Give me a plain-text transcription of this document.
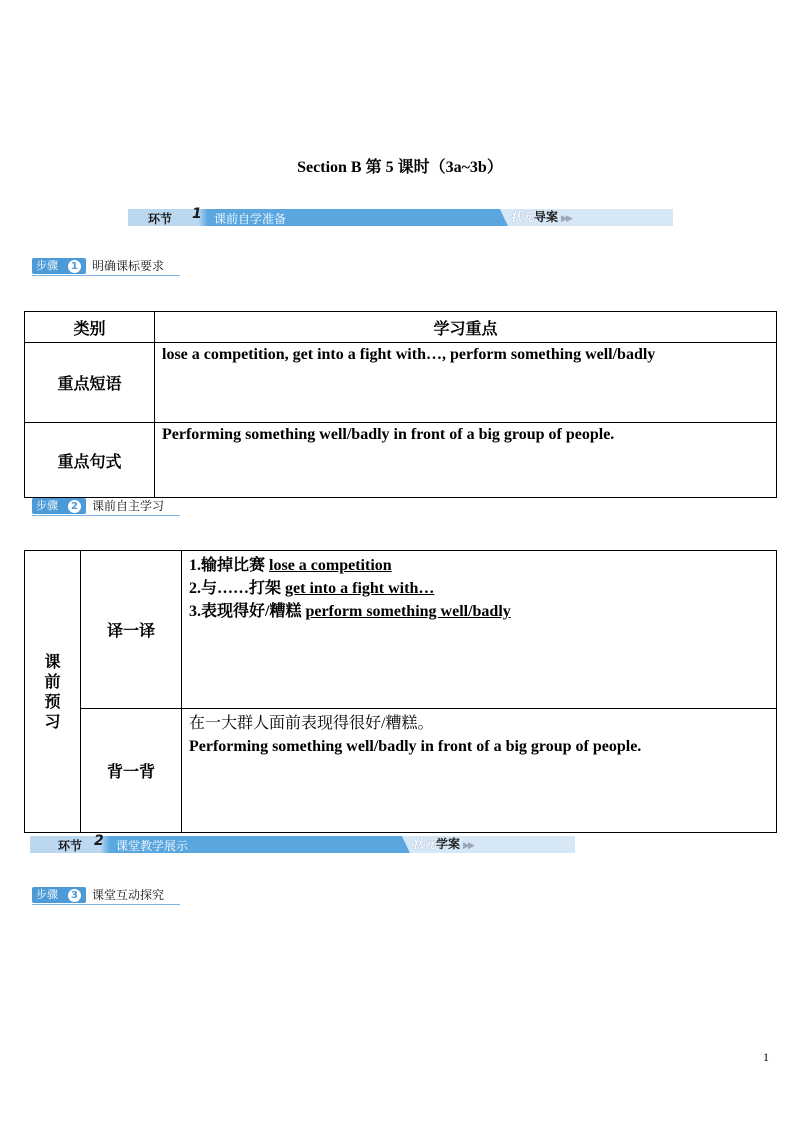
Section B 第 5 课时（3a~3b）
环节 1 课前自学准备	状元导案 ▶▶
步骤	1 明确课标要求
类别	学习重点
重点短语	lose a competition, get into a fight with…, perform something well/badly
重点句式	Performing something well/badly in front of a big group of people.
步骤	2 课前自主学习
课前预习	译一译	1.输掉比赛 lose a competition
2.与……打架 get into a fight with…
3.表现得好/糟糕 perform something well/badly

	背一背	在一大群人面前表现得很好/糟糕。
Performing something well/badly in front of a big group of people.
环节 2 课堂教学展示	状元学案 ▶▶
步骤	3 课堂互动探究
1
